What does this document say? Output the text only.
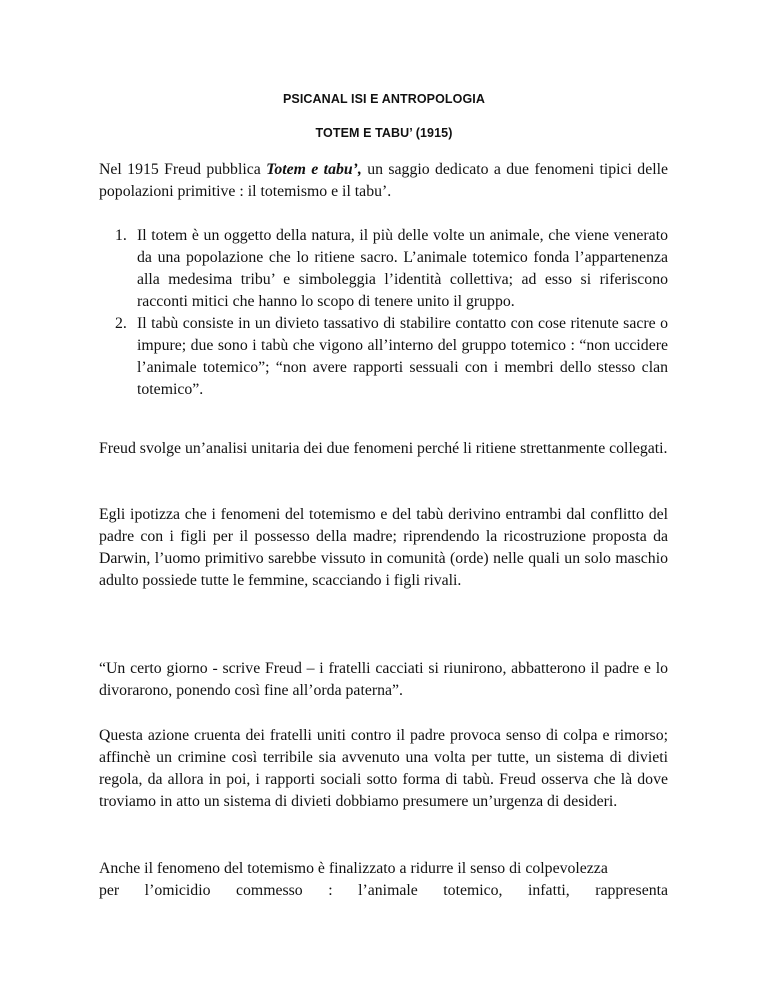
PSICANAL ISI E ANTROPOLOGIA

TOTEM E TABU’ (1915)

Nel 1915 Freud pubblica Totem e tabu’, un saggio dedicato a due fenomeni tipici delle popolazioni primitive : il totemismo e il tabu’.

1. Il totem è un oggetto della natura, il più delle volte un animale, che viene venerato da una popolazione che lo ritiene sacro. L’animale totemico fonda l’appartenenza alla medesima tribu’ e simboleggia l’identità collettiva; ad esso si riferiscono racconti mitici che hanno lo scopo di tenere unito il gruppo.
2. Il tabù consiste in un divieto tassativo di stabilire contatto con cose ritenute sacre o impure; due sono i tabù che vigono all’interno del gruppo totemico : “non uccidere l’animale totemico”; “non avere rapporti sessuali con i membri dello stesso clan totemico”.

Freud svolge un’analisi unitaria dei due fenomeni perché li ritiene strettanmente collegati.

Egli ipotizza che i fenomeni del totemismo e del tabù derivino entrambi dal conflitto del padre con i figli per il possesso della madre; riprendendo la ricostruzione proposta da Darwin, l’uomo primitivo sarebbe vissuto in comunità (orde) nelle quali un solo maschio adulto possiede tutte le femmine, scacciando i figli rivali.

“Un certo giorno - scrive Freud – i fratelli cacciati si riunirono, abbatterono il padre e lo divorarono, ponendo così fine all’orda paterna”.

Questa azione cruenta dei fratelli uniti contro il padre provoca senso di colpa e rimorso; affinchè un crimine così terribile sia avvenuto una volta per tutte, un sistema di divieti regola, da allora in poi, i rapporti sociali sotto forma di tabù. Freud osserva che là dove troviamo in atto un sistema di divieti dobbiamo presumere un’urgenza di desideri.

Anche il fenomeno del totemismo è finalizzato a ridurre il senso di colpevolezza
per l’omicidio commesso : l’animale totemico, infatti, rappresenta
